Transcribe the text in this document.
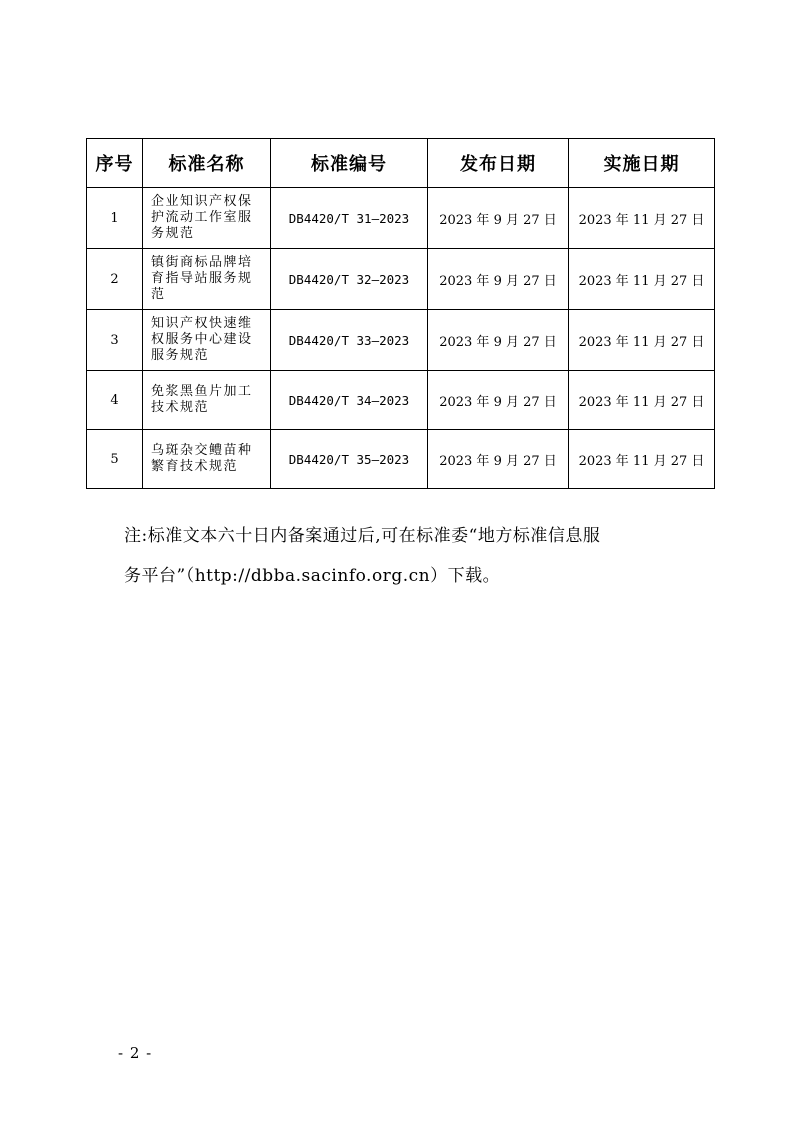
序号	标准名称	标准编号	发布日期	实施日期
1	企业知识产权保护流动工作室服务规范	DB4420/T 31—2023	2023 年 9 月 27 日	2023 年 11 月 27 日
2	镇街商标品牌培育指导站服务规范	DB4420/T 32—2023	2023 年 9 月 27 日	2023 年 11 月 27 日
3	知识产权快速维权服务中心建设服务规范	DB4420/T 33—2023	2023 年 9 月 27 日	2023 年 11 月 27 日
4	免浆黑鱼片加工技术规范	DB4420/T 34—2023	2023 年 9 月 27 日	2023 年 11 月 27 日
5	乌斑杂交鳢苗种繁育技术规范	DB4420/T 35—2023	2023 年 9 月 27 日	2023 年 11 月 27 日
注:标准文本六十日内备案通过后,可在标准委“地方标准信息服
务平台”（http://dbba.sacinfo.org.cn）下载。
- 2 -
